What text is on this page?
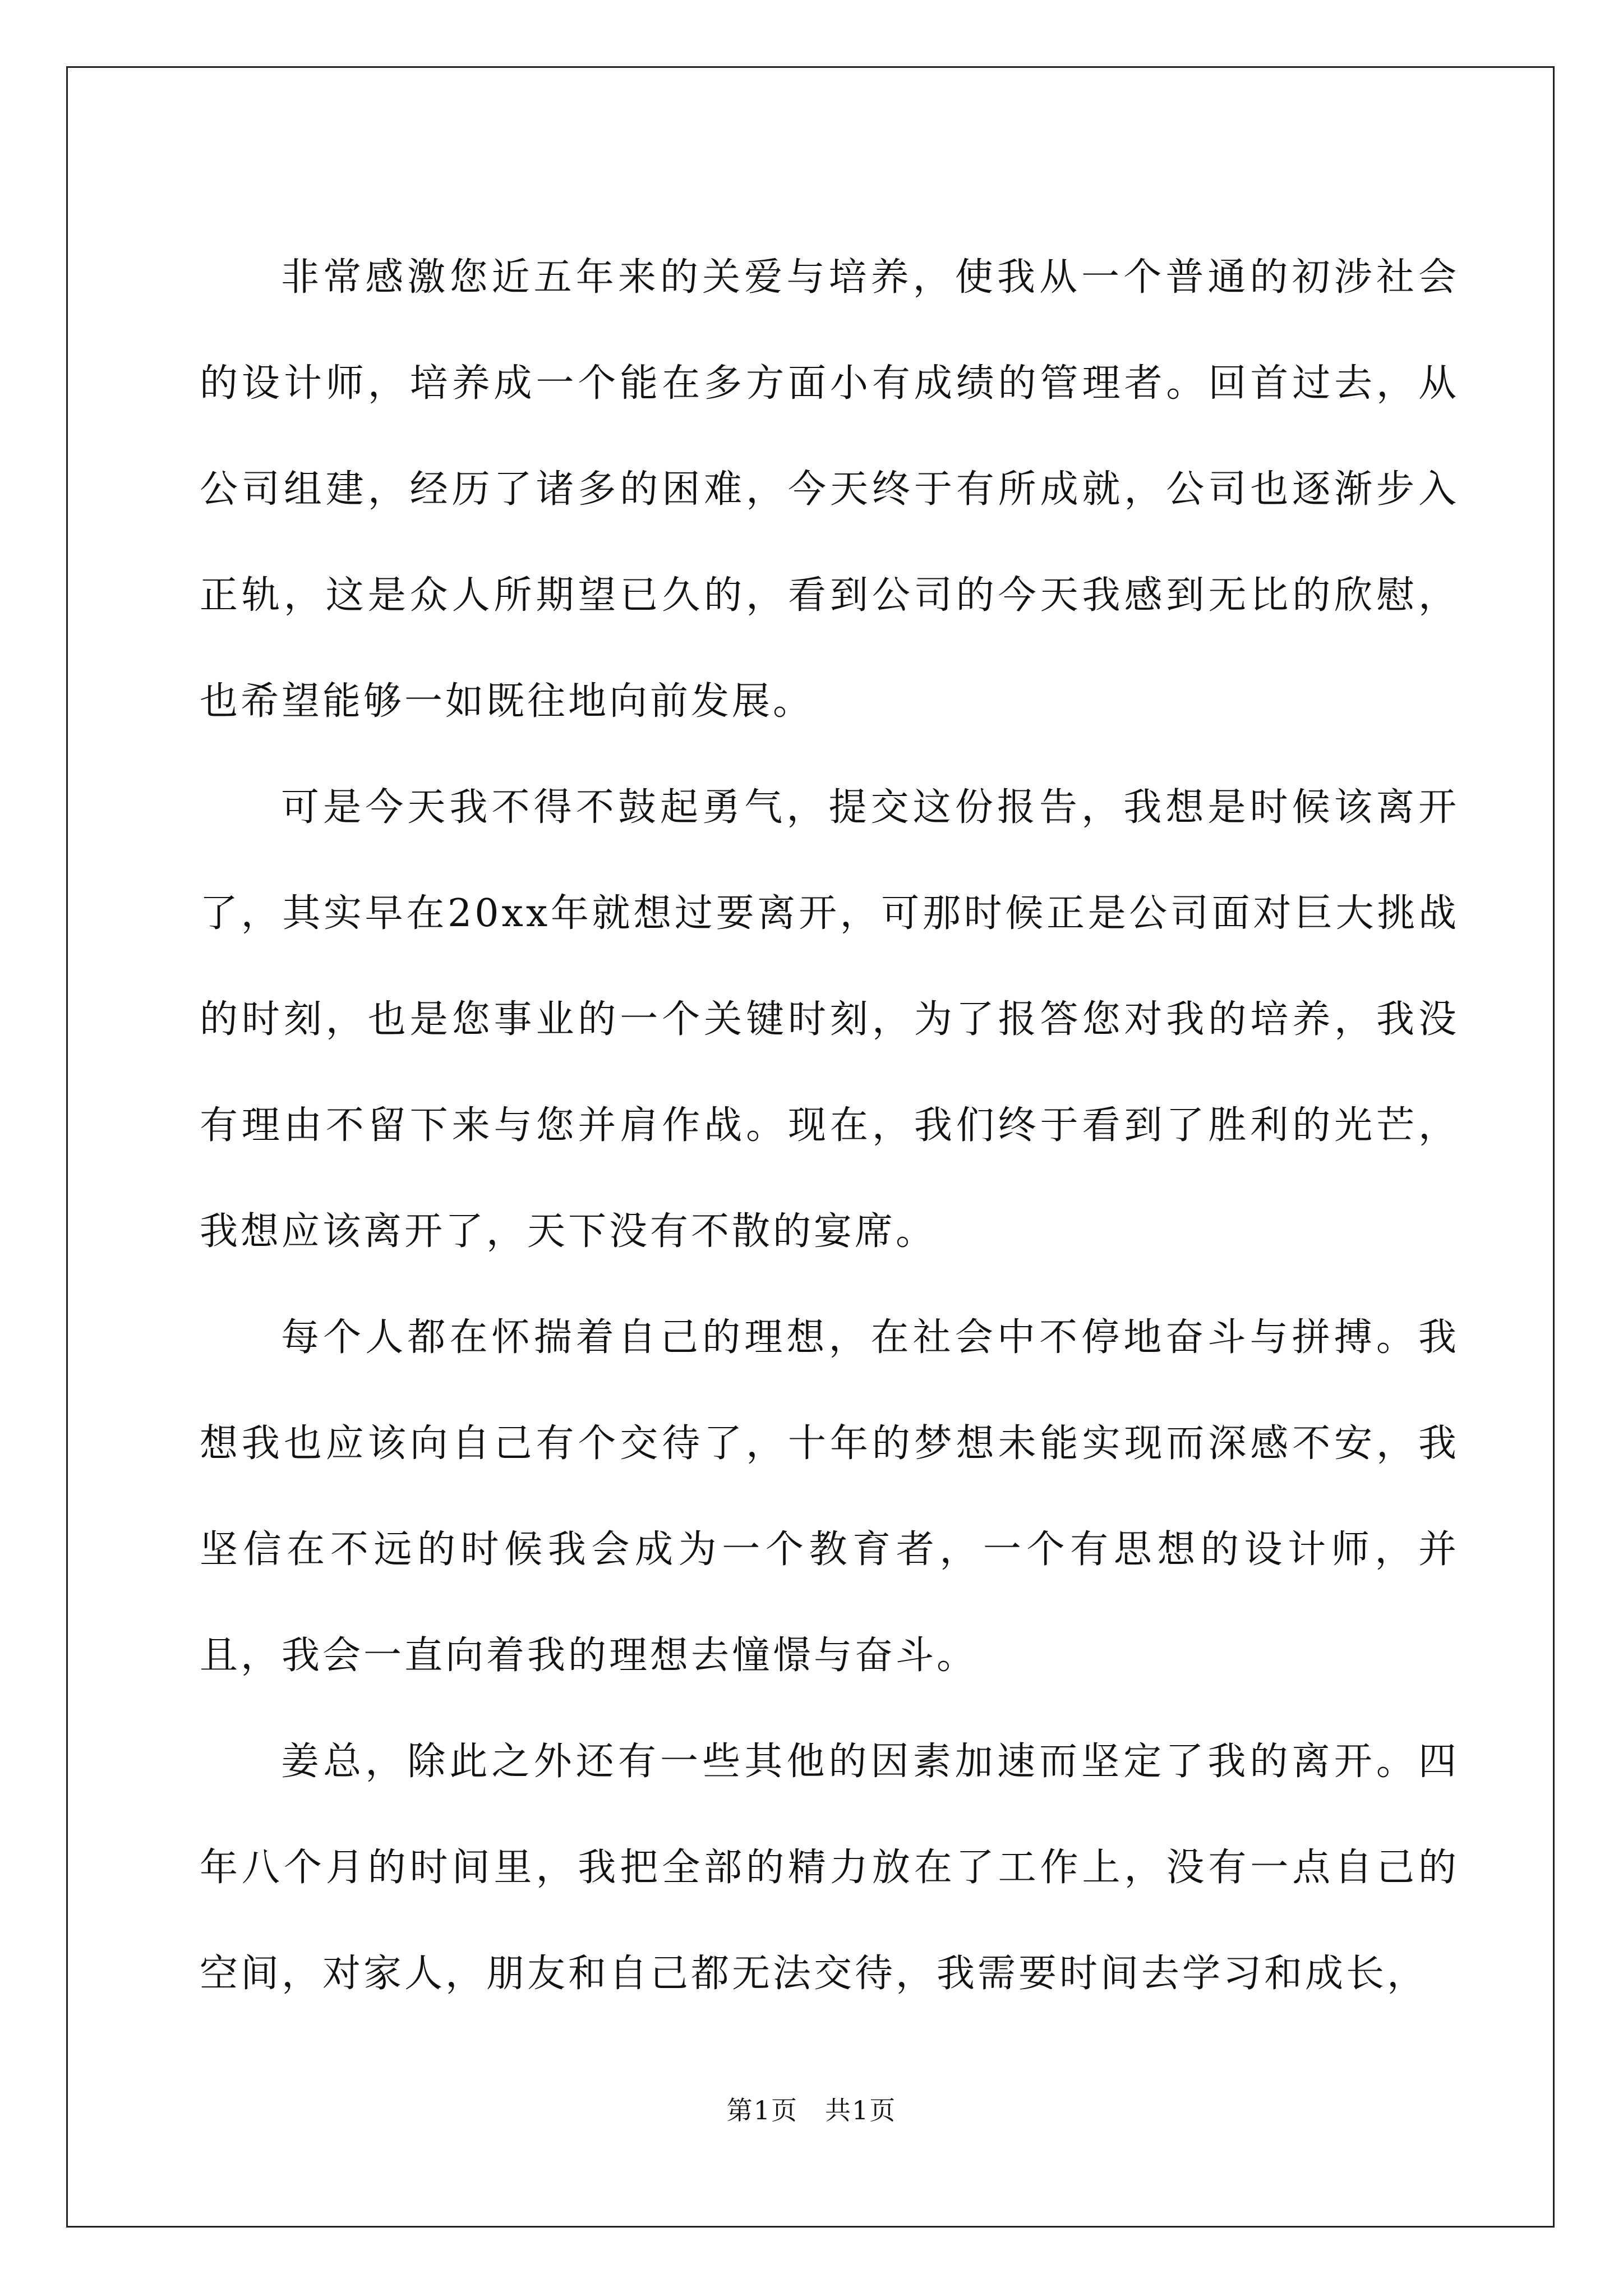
非常感激您近五年来的关爱与培养，使我从一个普通的初涉社会的设计师，培养成一个能在多方面小有成绩的管理者。回首过去，从公司组建，经历了诸多的困难，今天终于有所成就，公司也逐渐步入正轨，这是众人所期望已久的，看到公司的今天我感到无比的欣慰，也希望能够一如既往地向前发展。

可是今天我不得不鼓起勇气，提交这份报告，我想是时候该离开了，其实早在20xx年就想过要离开，可那时候正是公司面对巨大挑战的时刻，也是您事业的一个关键时刻，为了报答您对我的培养，我没有理由不留下来与您并肩作战。现在，我们终于看到了胜利的光芒，我想应该离开了，天下没有不散的宴席。

每个人都在怀揣着自己的理想，在社会中不停地奋斗与拼搏。我想我也应该向自己有个交待了，十年的梦想未能实现而深感不安，我坚信在不远的时候我会成为一个教育者，一个有思想的设计师，并且，我会一直向着我的理想去憧憬与奋斗。

姜总，除此之外还有一些其他的因素加速而坚定了我的离开。四年八个月的时间里，我把全部的精力放在了工作上，没有一点自己的空间，对家人，朋友和自己都无法交待，我需要时间去学习和成长，

第1页 共1页
